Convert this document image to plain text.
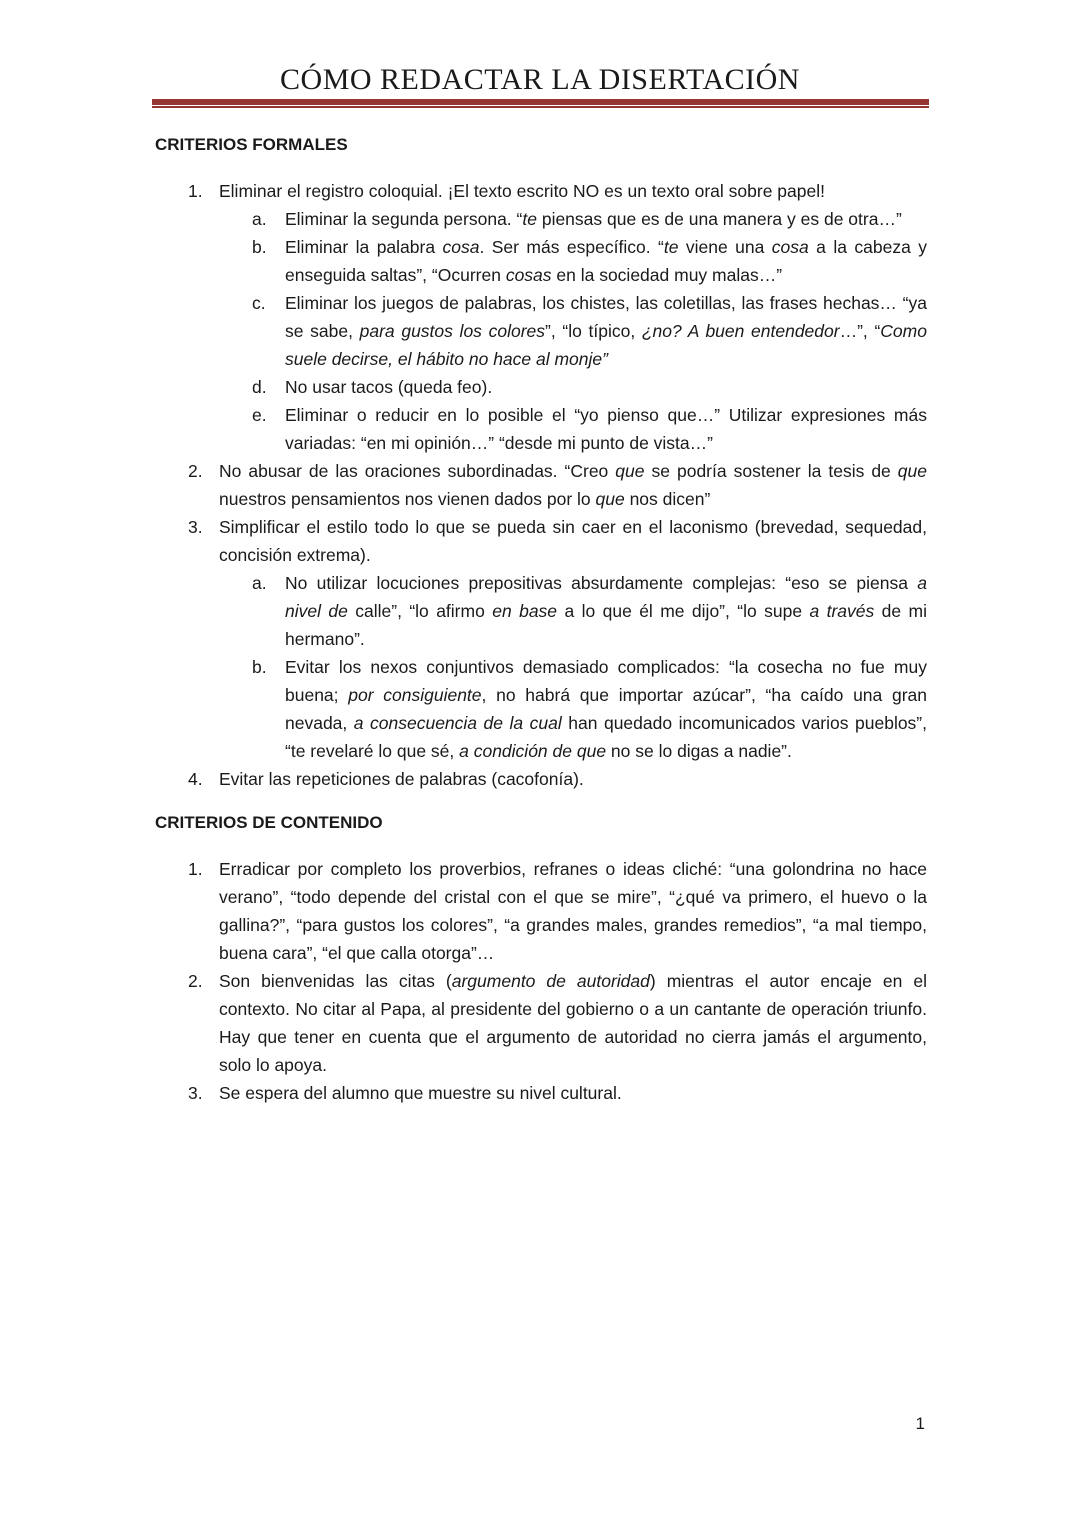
CÓMO REDACTAR LA DISERTACIÓN
CRITERIOS FORMALES
1. Eliminar el registro coloquial. ¡El texto escrito NO es un texto oral sobre papel!
a. Eliminar la segunda persona. “te piensas que es de una manera y es de otra…”
b. Eliminar la palabra cosa. Ser más específico. “te viene una cosa a la cabeza y enseguida saltas”, “Ocurren cosas en la sociedad muy malas…”
c. Eliminar los juegos de palabras, los chistes, las coletillas, las frases hechas… “ya se sabe, para gustos los colores”, “lo típico, ¿no? A buen entendedor…”, “Como suele decirse, el hábito no hace al monje”
d. No usar tacos (queda feo).
e. Eliminar o reducir en lo posible el “yo pienso que…” Utilizar expresiones más variadas: “en mi opinión…” “desde mi punto de vista…”
2. No abusar de las oraciones subordinadas. “Creo que se podría sostener la tesis de que nuestros pensamientos nos vienen dados por lo que nos dicen”
3. Simplificar el estilo todo lo que se pueda sin caer en el laconismo (brevedad, sequedad, concisión extrema).
a. No utilizar locuciones prepositivas absurdamente complejas: “eso se piensa a nivel de calle”, “lo afirmo en base a lo que él me dijo”, “lo supe a través de mi hermano”.
b. Evitar los nexos conjuntivos demasiado complicados: “la cosecha no fue muy buena; por consiguiente, no habrá que importar azúcar”, “ha caído una gran nevada, a consecuencia de la cual han quedado incomunicados varios pueblos”, “te revelaré lo que sé, a condición de que no se lo digas a nadie”.
4. Evitar las repeticiones de palabras (cacofonía).
CRITERIOS DE CONTENIDO
1. Erradicar por completo los proverbios, refranes o ideas cliché: “una golondrina no hace verano”, “todo depende del cristal con el que se mire”, “¿qué va primero, el huevo o la gallina?”, “para gustos los colores”, “a grandes males, grandes remedios”, “a mal tiempo, buena cara”, “el que calla otorga”…
2. Son bienvenidas las citas (argumento de autoridad) mientras el autor encaje en el contexto. No citar al Papa, al presidente del gobierno o a un cantante de operación triunfo. Hay que tener en cuenta que el argumento de autoridad no cierra jamás el argumento, solo lo apoya.
3. Se espera del alumno que muestre su nivel cultural.
1
